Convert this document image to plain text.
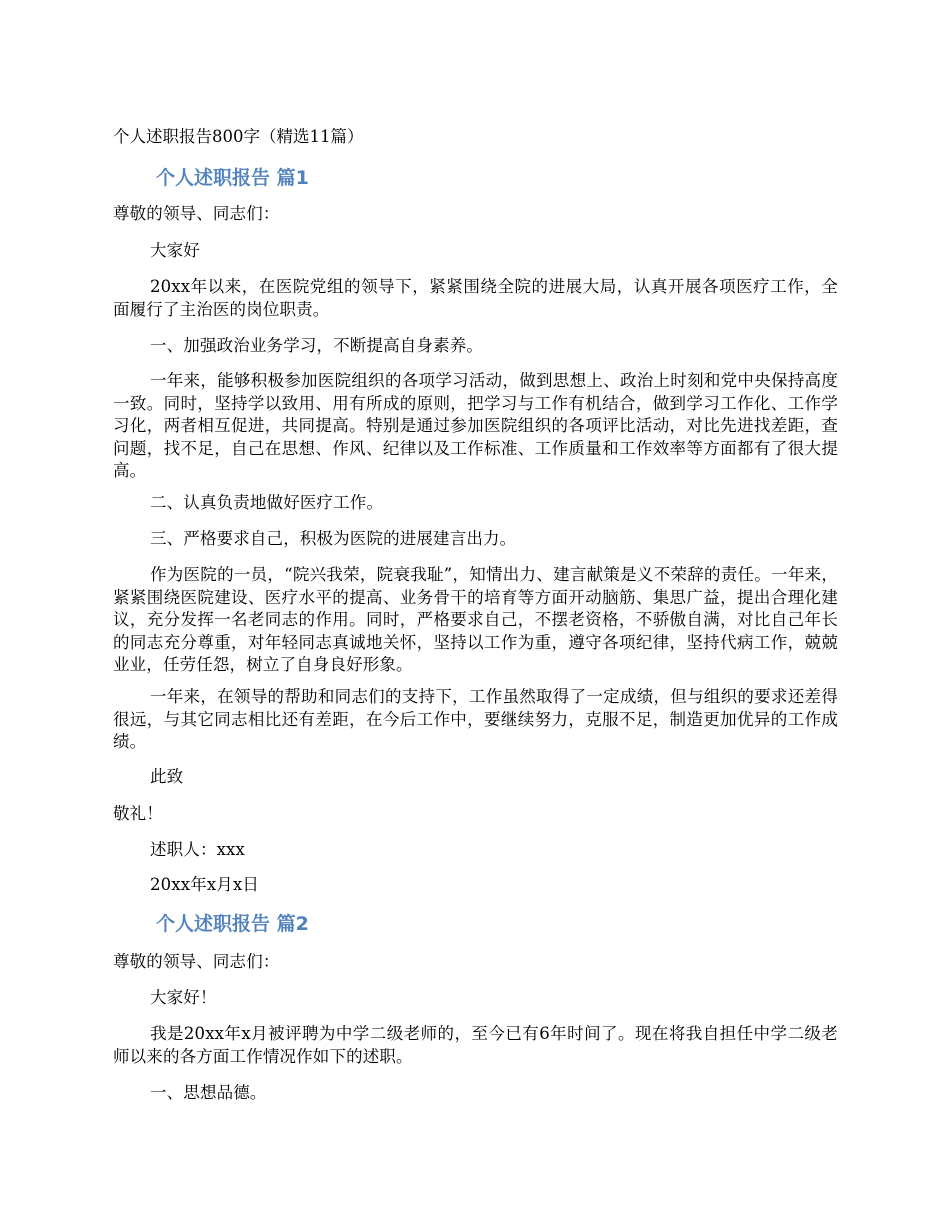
个人述职报告800字（精选11篇）
个人述职报告 篇1
尊敬的领导、同志们：
大家好
20xx年以来，在医院党组的领导下，紧紧围绕全院的进展大局，认真开展各项医疗工作，全面履行了主治医的岗位职责。
一、加强政治业务学习，不断提高自身素养。
一年来，能够积极参加医院组织的各项学习活动，做到思想上、政治上时刻和党中央保持高度一致。同时，坚持学以致用、用有所成的原则，把学习与工作有机结合，做到学习工作化、工作学习化，两者相互促进，共同提高。特别是通过参加医院组织的各项评比活动，对比先进找差距，查问题，找不足，自己在思想、作风、纪律以及工作标准、工作质量和工作效率等方面都有了很大提高。
二、认真负责地做好医疗工作。
三、严格要求自己，积极为医院的进展建言出力。
作为医院的一员，“院兴我荣，院衰我耻”，知情出力、建言献策是义不荣辞的责任。一年来，紧紧围绕医院建设、医疗水平的提高、业务骨干的培育等方面开动脑筋、集思广益，提出合理化建议，充分发挥一名老同志的作用。同时，严格要求自己，不摆老资格，不骄傲自满，对比自己年长的同志充分尊重，对年轻同志真诚地关怀，坚持以工作为重，遵守各项纪律，坚持代病工作，兢兢业业，任劳任怨，树立了自身良好形象。
一年来，在领导的帮助和同志们的支持下，工作虽然取得了一定成绩，但与组织的要求还差得很远，与其它同志相比还有差距，在今后工作中，要继续努力，克服不足，制造更加优异的工作成绩。
此致
敬礼！
述职人：xxx
20xx年x月x日
个人述职报告 篇2
尊敬的领导、同志们：
大家好！
我是20xx年x月被评聘为中学二级老师的，至今已有6年时间了。现在将我自担任中学二级老师以来的各方面工作情况作如下的述职。
一、思想品德。
